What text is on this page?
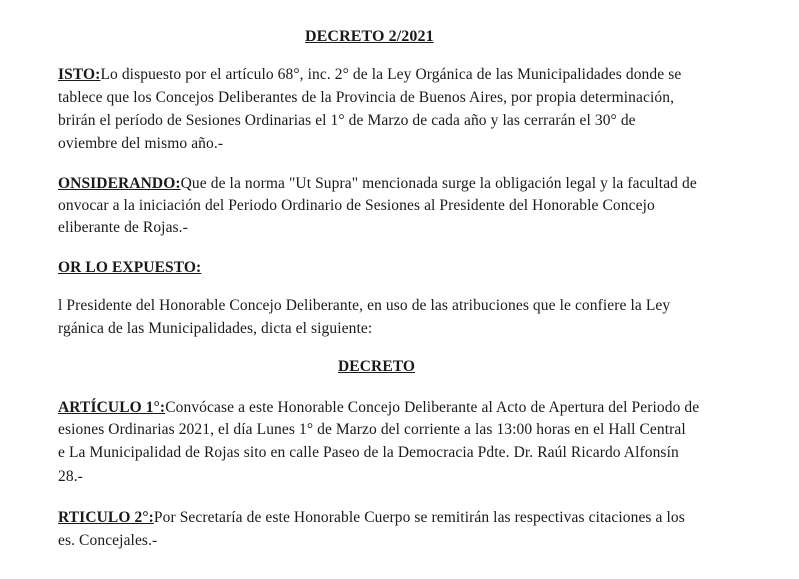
DECRETO 2/2021
ISTO:Lo dispuesto por el artículo 68°, inc. 2° de la Ley Orgánica de las Municipalidades donde se
tablece que los Concejos Deliberantes de la Provincia de Buenos Aires, por propia determinación,
brirán el período de Sesiones Ordinarias el 1° de Marzo de cada año y las cerrarán el 30° de
oviembre del mismo año.-
ONSIDERANDO:Que de la norma "Ut Supra" mencionada surge la obligación legal y la facultad de
onvocar a la iniciación del Periodo Ordinario de Sesiones al Presidente del Honorable Concejo
eliberante de Rojas.-
OR LO EXPUESTO:
l Presidente del Honorable Concejo Deliberante, en uso de las atribuciones que le confiere la Ley
rgánica de las Municipalidades, dicta el siguiente:
DECRETO
ARTÍCULO 1°:Convócase a este Honorable Concejo Deliberante al Acto de Apertura del Periodo de
esiones Ordinarias 2021, el día Lunes 1° de Marzo del corriente a las 13:00 horas en el Hall Central
e La Municipalidad de Rojas sito en calle Paseo de la Democracia Pdte. Dr. Raúl Ricardo Alfonsín
28.-
RTICULO 2°:Por Secretaría de este Honorable Cuerpo se remitirán las respectivas citaciones a los
es. Concejales.-
